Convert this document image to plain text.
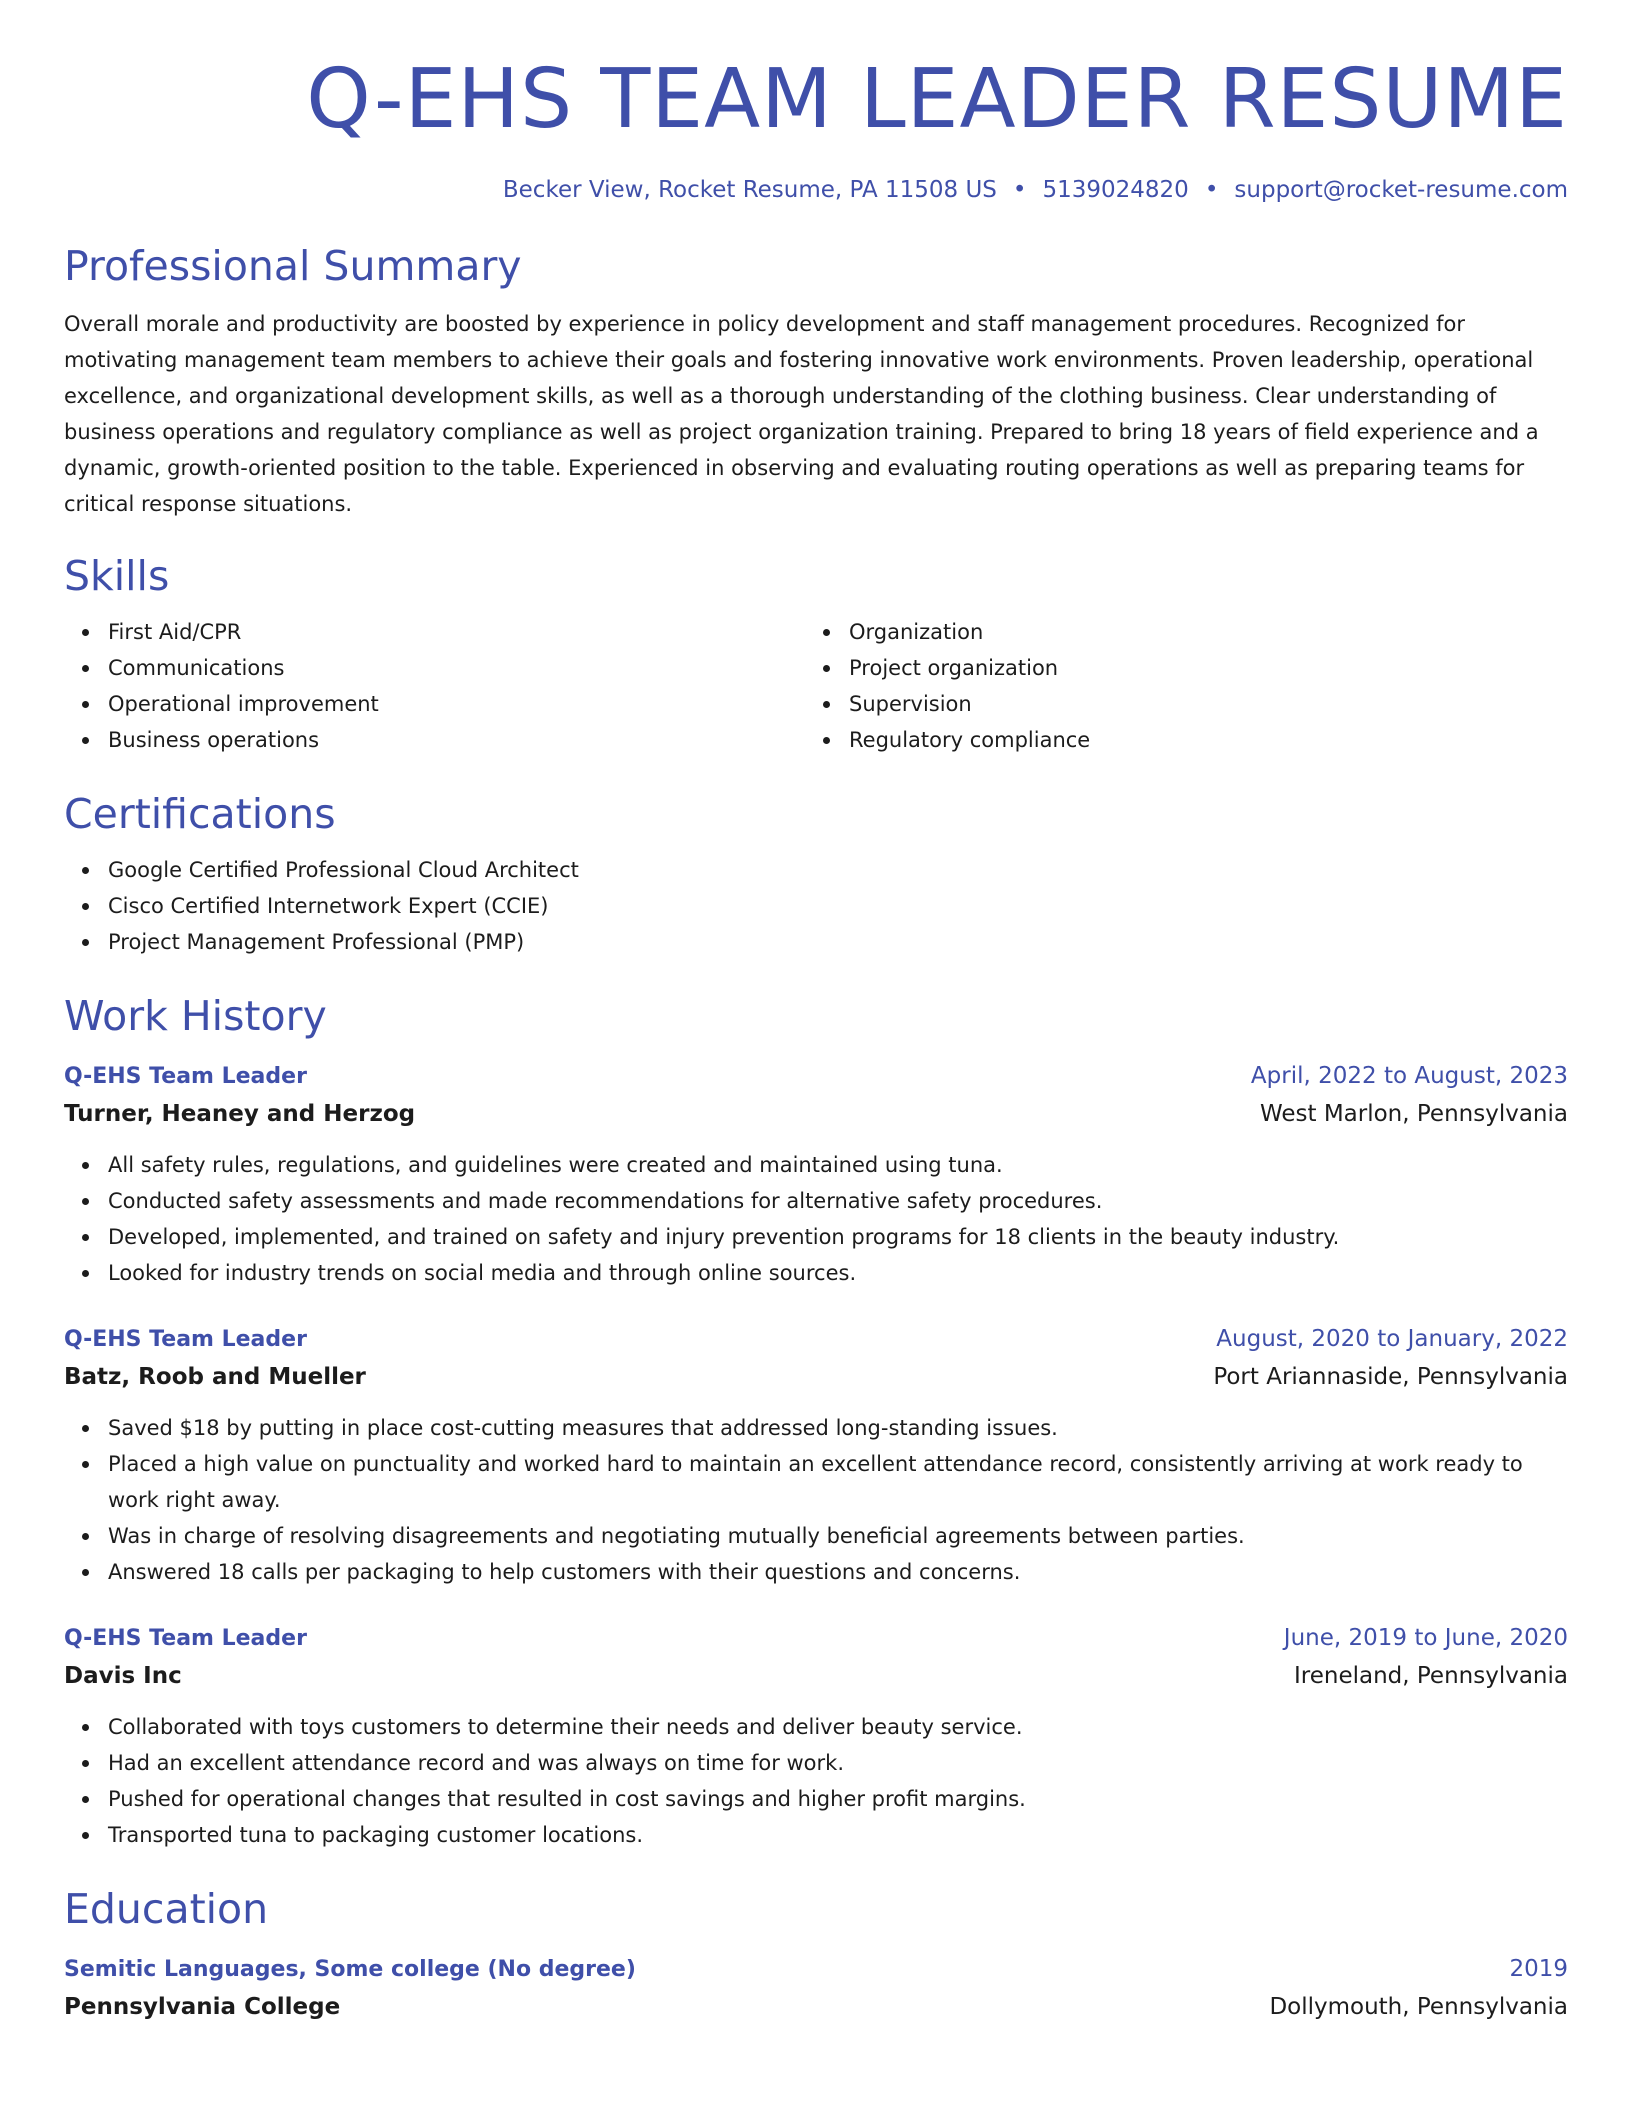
Q-EHS TEAM LEADER RESUME
Becker View, Rocket Resume, PA 11508 US • 5139024820 • support@rocket-resume.com
Professional Summary

Overall morale and productivity are boosted by experience in policy development and staff management procedures. Recognized for motivating management team members to achieve their goals and fostering innovative work environments. Proven leadership, operational excellence, and organizational development skills, as well as a thorough understanding of the clothing business. Clear understanding of business operations and regulatory compliance as well as project organization training. Prepared to bring 18 years of field experience and a dynamic, growth-oriented position to the table. Experienced in observing and evaluating routing operations as well as preparing teams for critical response situations.

Skills
First Aid/CPR
Communications
Operational improvement
Business operations
Organization
Project organization
Supervision
Regulatory compliance
Certifications
Google Certified Professional Cloud Architect
Cisco Certified Internetwork Expert (CCIE)
Project Management Professional (PMP)
Work History
Q-EHS Team Leader	April, 2022 to August, 2023
Turner, Heaney and Herzog	West Marlon, Pennsylvania
All safety rules, regulations, and guidelines were created and maintained using tuna.
Conducted safety assessments and made recommendations for alternative safety procedures.
Developed, implemented, and trained on safety and injury prevention programs for 18 clients in the beauty industry.
Looked for industry trends on social media and through online sources.
Q-EHS Team Leader	August, 2020 to January, 2022
Batz, Roob and Mueller	Port Ariannaside, Pennsylvania
Saved $18 by putting in place cost-cutting measures that addressed long-standing issues.
Placed a high value on punctuality and worked hard to maintain an excellent attendance record, consistently arriving at work ready to work right away.
Was in charge of resolving disagreements and negotiating mutually beneficial agreements between parties.
Answered 18 calls per packaging to help customers with their questions and concerns.
Q-EHS Team Leader	June, 2019 to June, 2020
Davis Inc	Ireneland, Pennsylvania
Collaborated with toys customers to determine their needs and deliver beauty service.
Had an excellent attendance record and was always on time for work.
Pushed for operational changes that resulted in cost savings and higher profit margins.
Transported tuna to packaging customer locations.
Education
Semitic Languages, Some college (No degree)	2019
Pennsylvania College	Dollymouth, Pennsylvania
